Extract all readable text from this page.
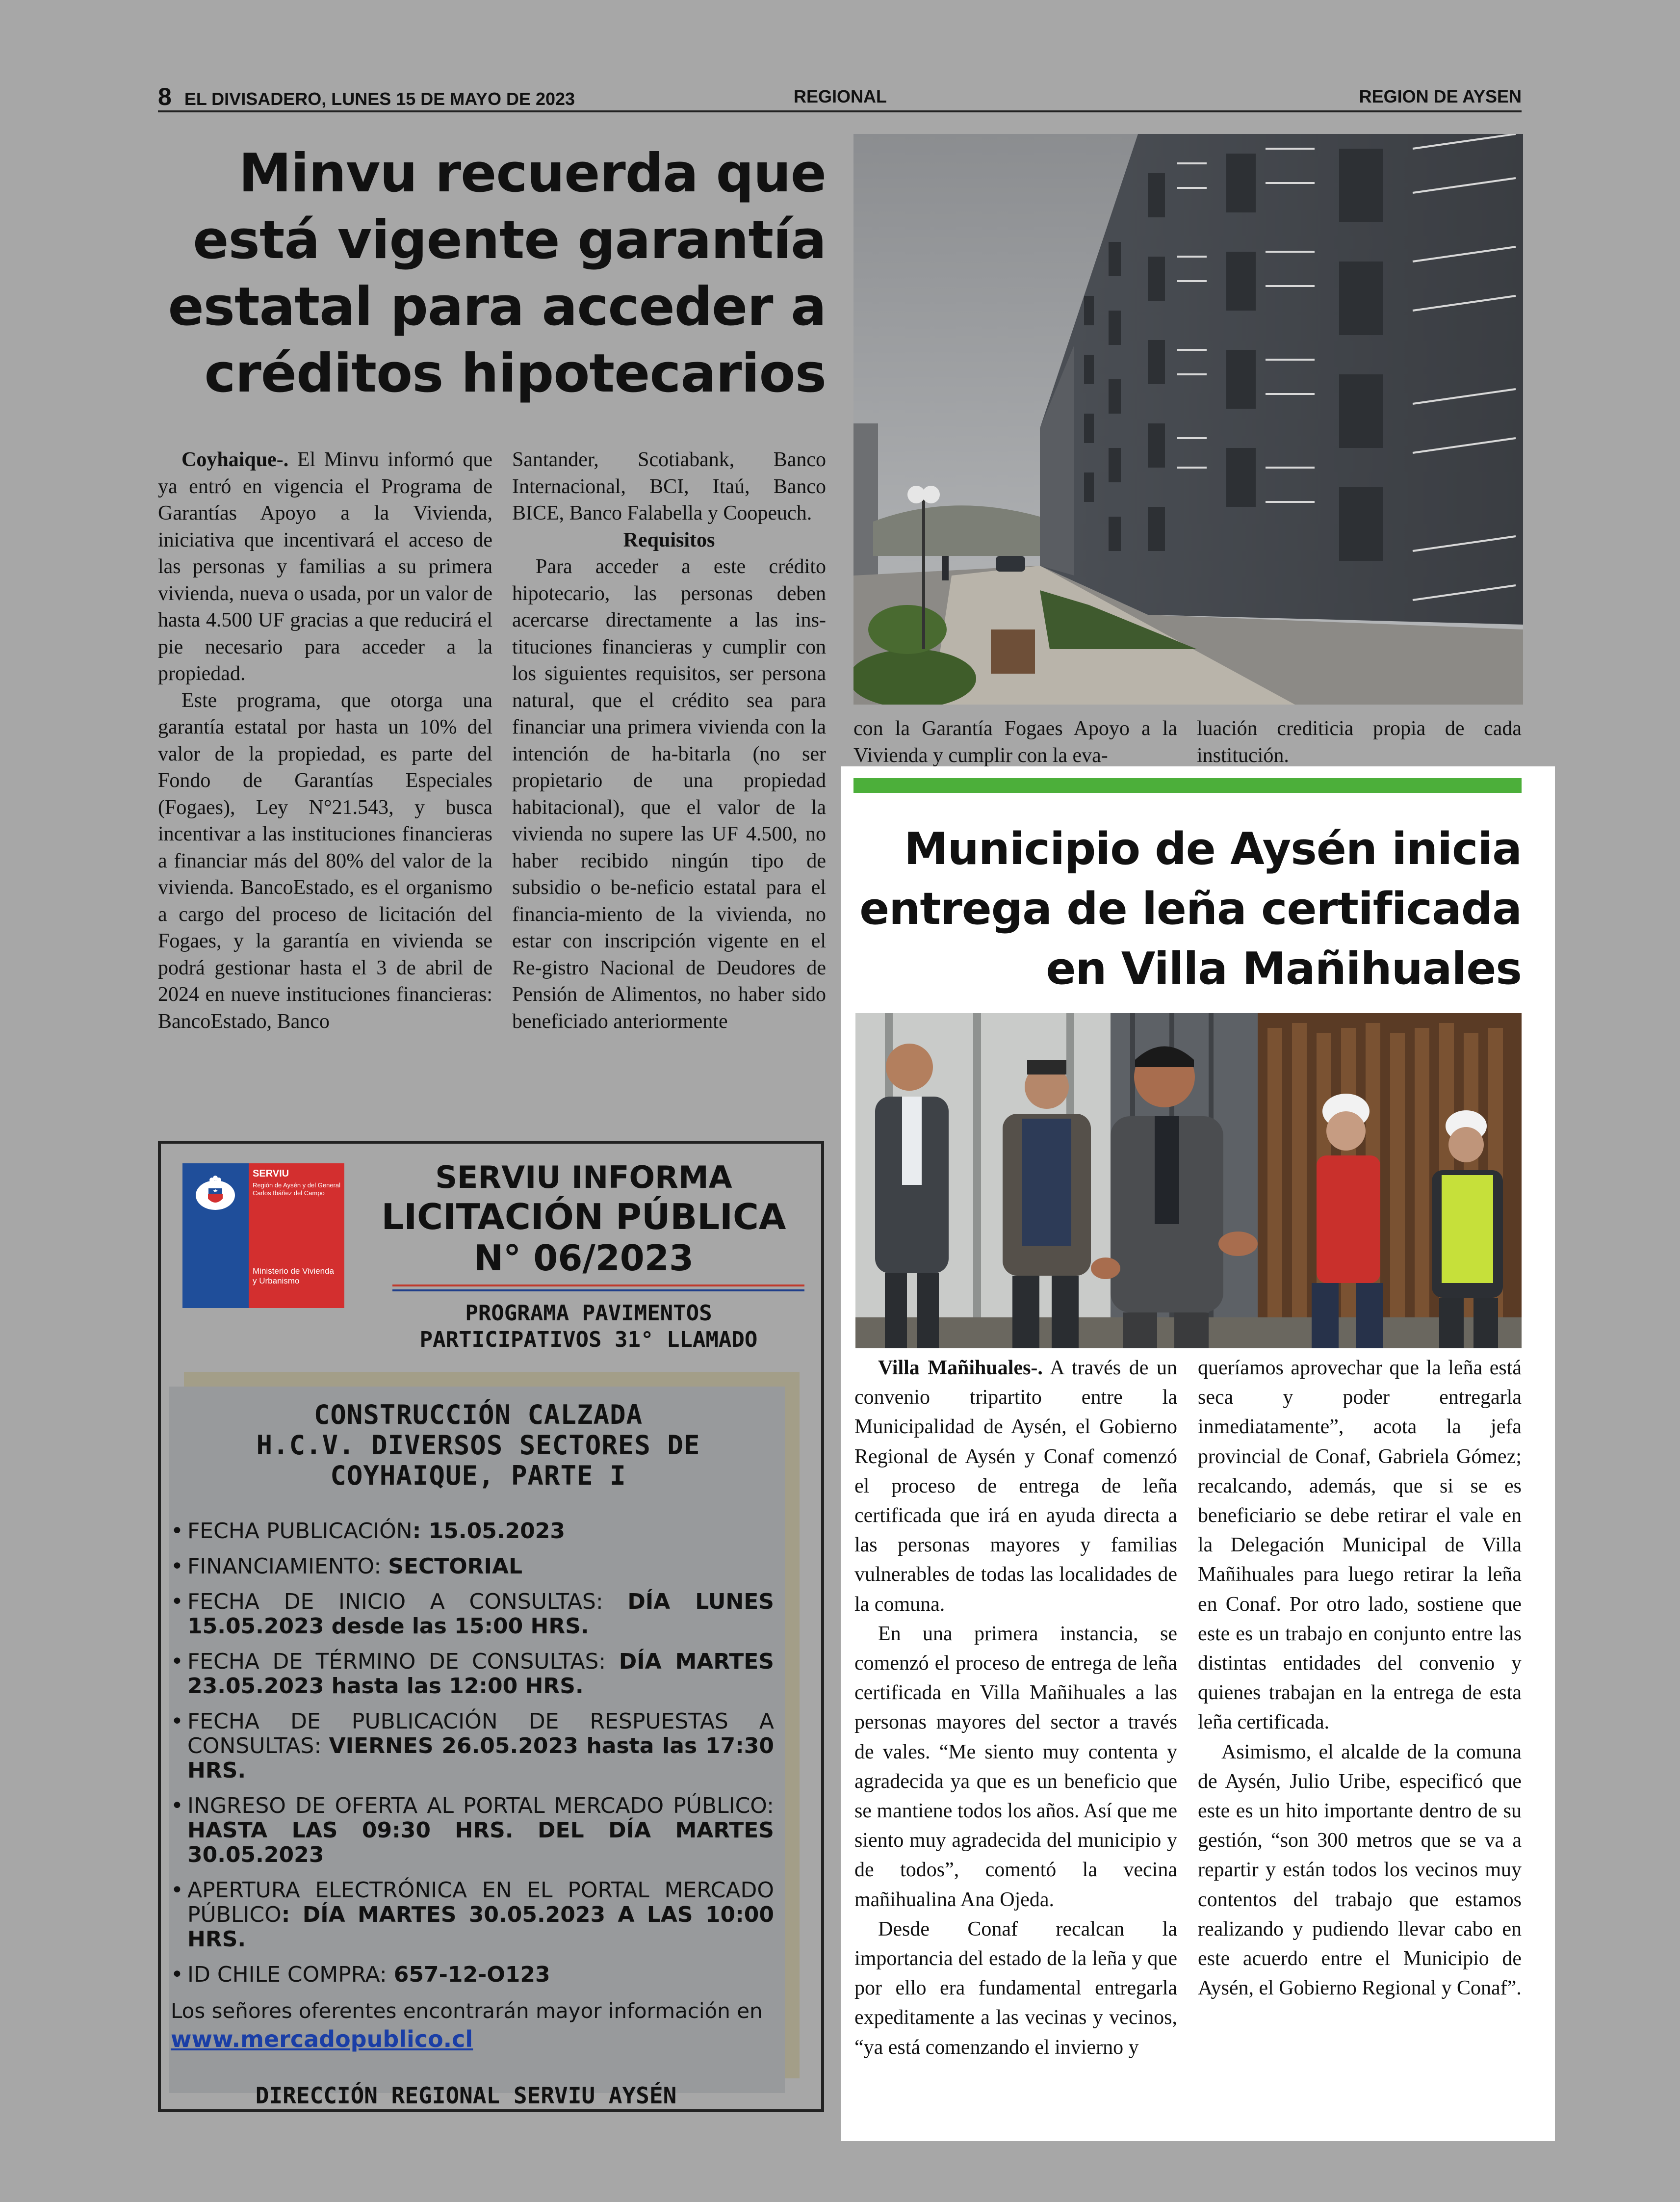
8 EL DIVISADERO, LUNES 15 DE MAYO DE 2023	REGIONAL	REGION DE AYSEN
Minvu recuerda que está vigente garantía estatal para acceder a créditos hipotecarios

Coyhaique-. El Minvu informó que ya entró en vigencia el Programa de Garantías Apoyo a la Vivienda, iniciativa que incentivará el acceso de las personas y familias a su primera vivienda, nueva o usada, por un valor de hasta 4.500 UF gracias a que reducirá el pie necesario para acceder a la propiedad.

Este programa, que otorga una garantía estatal por hasta un 10% del valor de la propiedad, es parte del Fondo de Garantías Especiales (Fogaes), Ley N°21.543, y busca incentivar a las instituciones financieras a financiar más del 80% del valor de la vivienda. BancoEstado, es el organismo a cargo del proceso de licitación del Fogaes, y la garantía en vivienda se podrá gestionar hasta el 3 de abril de 2024 en nueve instituciones financieras: BancoEstado, Banco

Santander, Scotiabank, Banco Internacional, BCI, Itaú, Banco BICE, Banco Falabella y Coopeuch.

Requisitos

Para acceder a este crédito hipotecario, las personas deben acercarse directamente a las ins-tituciones financieras y cumplir con los siguientes requisitos, ser persona natural, que el crédito sea para financiar una primera vivienda con la intención de ha-bitarla (no ser propietario de una propiedad habitacional), que el valor de la vivienda no supere las UF 4.500, no haber recibido ningún tipo de subsidio o be-neficio estatal para el financia-miento de la vivienda, no estar con inscripción vigente en el Re-gistro Nacional de Deudores de Pensión de Alimentos, no haber sido beneficiado anteriormente

con la Garantía Fogaes Apoyo a la Vivienda y cumplir con la eva-

luación crediticia propia de cada institución.

SERVIU
Región de Aysén y del General Carlos Ibáñez del Campo
Ministerio de Vivienda y Urbanismo
SERVIU INFORMA
LICITACIÓN PÚBLICA
N° 06/2023
PROGRAMA PAVIMENTOS
PARTICIPATIVOS 31° LLAMADO
CONSTRUCCIÓN CALZADA
H.C.V. DIVERSOS SECTORES DE
COYHAIQUE, PARTE I
• FECHA PUBLICACIÓN: 15.05.2023
• FINANCIAMIENTO: SECTORIAL
• FECHA DE INICIO A CONSULTAS: DÍA LUNES 15.05.2023 desde las 15:00 HRS.
• FECHA DE TÉRMINO DE CONSULTAS: DÍA MARTES 23.05.2023 hasta las 12:00 HRS.
• FECHA DE PUBLICACIÓN DE RESPUESTAS A CONSULTAS: VIERNES 26.05.2023 hasta las 17:30 HRS.
• INGRESO DE OFERTA AL PORTAL MERCADO PÚBLICO: HASTA LAS 09:30 HRS. DEL DÍA MARTES 30.05.2023
• APERTURA ELECTRÓNICA EN EL PORTAL MERCADO PÚBLICO: DÍA MARTES 30.05.2023 A LAS 10:00 HRS.
• ID CHILE COMPRA: 657-12-O123
Los señores oferentes encontrarán mayor información en
www.mercadopublico.cl
DIRECCIÓN REGIONAL SERVIU AYSÉN
Municipio de Aysén inicia entrega de leña certificada en Villa Mañihuales

Villa Mañihuales-. A través de un convenio tripartito entre la Municipalidad de Aysén, el Gobierno Regional de Aysén y Conaf comenzó el proceso de entrega de leña certificada que irá en ayuda directa a las personas mayores y familias vulnerables de todas las localidades de la comuna.

En una primera instancia, se comenzó el proceso de entrega de leña certificada en Villa Mañihuales a las personas mayores del sector a través de vales. “Me siento muy contenta y agradecida ya que es un beneficio que se mantiene todos los años. Así que me siento muy agradecida del municipio y de todos”, comentó la vecina mañihualina Ana Ojeda.

Desde Conaf recalcan la importancia del estado de la leña y que por ello era fundamental entregarla expeditamente a las vecinas y vecinos, “ya está comenzando el invierno y

queríamos aprovechar que la leña está seca y poder entregarla inmediatamente”, acota la jefa provincial de Conaf, Gabriela Gómez; recalcando, además, que si se es beneficiario se debe retirar el vale en la Delegación Municipal de Villa Mañihuales para luego retirar la leña en Conaf. Por otro lado, sostiene que este es un trabajo en conjunto entre las distintas entidades del convenio y quienes trabajan en la entrega de esta leña certificada.

Asimismo, el alcalde de la comuna de Aysén, Julio Uribe, especificó que este es un hito importante dentro de su gestión, “son 300 metros que se va a repartir y están todos los vecinos muy contentos del trabajo que estamos realizando y pudiendo llevar cabo en este acuerdo entre el Municipio de Aysén, el Gobierno Regional y Conaf”.
